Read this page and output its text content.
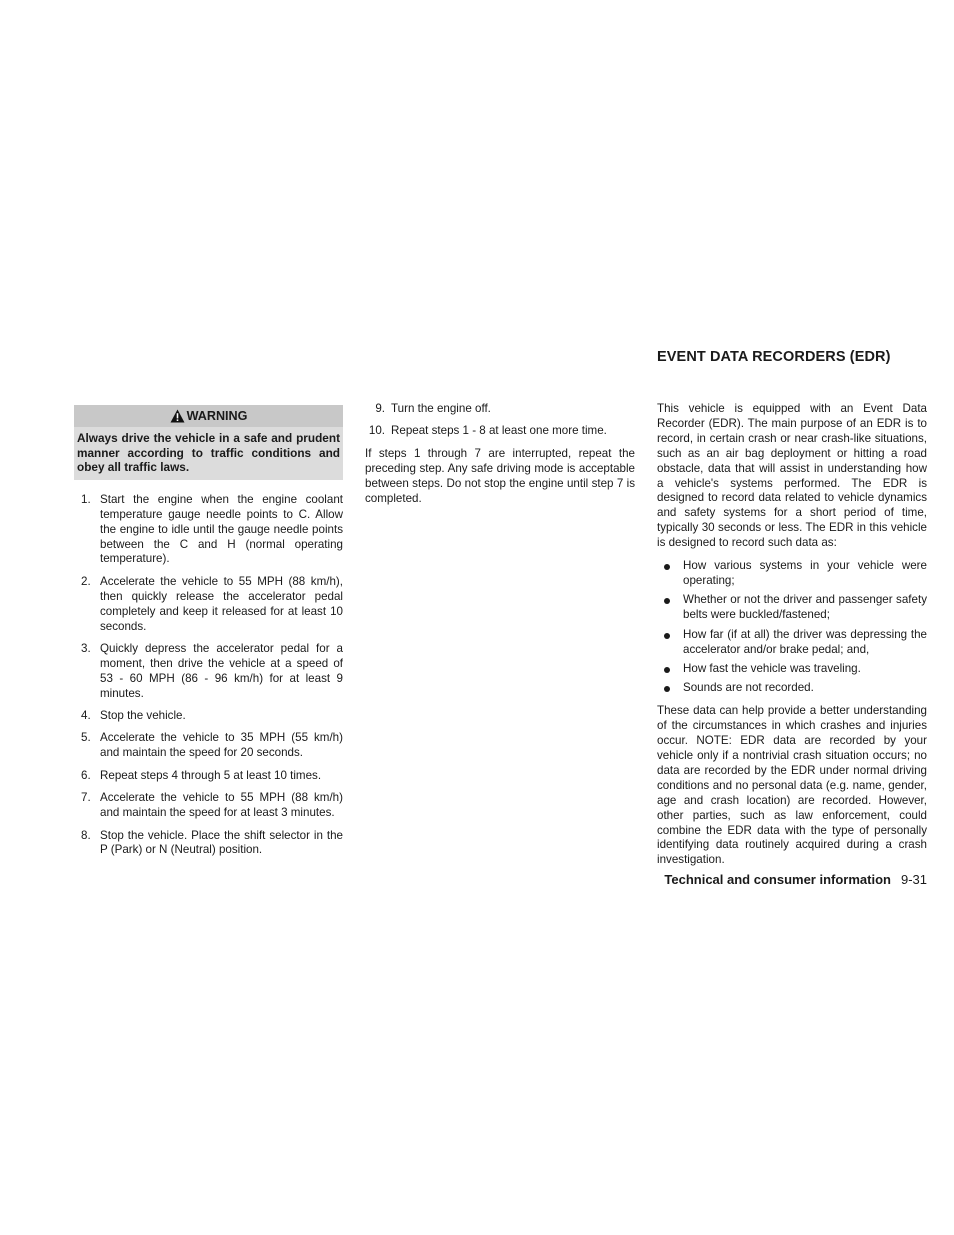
EVENT DATA RECORDERS (EDR)
WARNING
Always drive the vehicle in a safe and prudent manner according to traffic conditions and obey all traffic laws.
1. Start the engine when the engine coolant temperature gauge needle points to C. Allow the engine to idle until the gauge needle points between the C and H (normal operating temperature).
2. Accelerate the vehicle to 55 MPH (88 km/h), then quickly release the accelerator pedal completely and keep it released for at least 10 seconds.
3. Quickly depress the accelerator pedal for a moment, then drive the vehicle at a speed of 53 - 60 MPH (86 - 96 km/h) for at least 9 minutes.
4. Stop the vehicle.
5. Accelerate the vehicle to 35 MPH (55 km/h) and maintain the speed for 20 seconds.
6. Repeat steps 4 through 5 at least 10 times.
7. Accelerate the vehicle to 55 MPH (88 km/h) and maintain the speed for at least 3 minutes.
8. Stop the vehicle. Place the shift selector in the P (Park) or N (Neutral) position.
9. Turn the engine off.
10. Repeat steps 1 - 8 at least one more time.

If steps 1 through 7 are interrupted, repeat the preceding step. Any safe driving mode is acceptable between steps. Do not stop the engine until step 7 is completed.

This vehicle is equipped with an Event Data Recorder (EDR). The main purpose of an EDR is to record, in certain crash or near crash-like situations, such as an air bag deployment or hitting a road obstacle, data that will assist in understanding how a vehicle's systems performed. The EDR is designed to record data related to vehicle dynamics and safety systems for a short period of time, typically 30 seconds or less. The EDR in this vehicle is designed to record such data as:

How various systems in your vehicle were operating;
Whether or not the driver and passenger safety belts were buckled/fastened;
How far (if at all) the driver was depressing the accelerator and/or brake pedal; and,
How fast the vehicle was traveling.
Sounds are not recorded.

These data can help provide a better understanding of the circumstances in which crashes and injuries occur. NOTE: EDR data are recorded by your vehicle only if a nontrivial crash situation occurs; no data are recorded by the EDR under normal driving conditions and no personal data (e.g. name, gender, age and crash location) are recorded. However, other parties, such as law enforcement, could combine the EDR data with the type of personally identifying data routinely acquired during a crash investigation.

Technical and consumer information 9-31
